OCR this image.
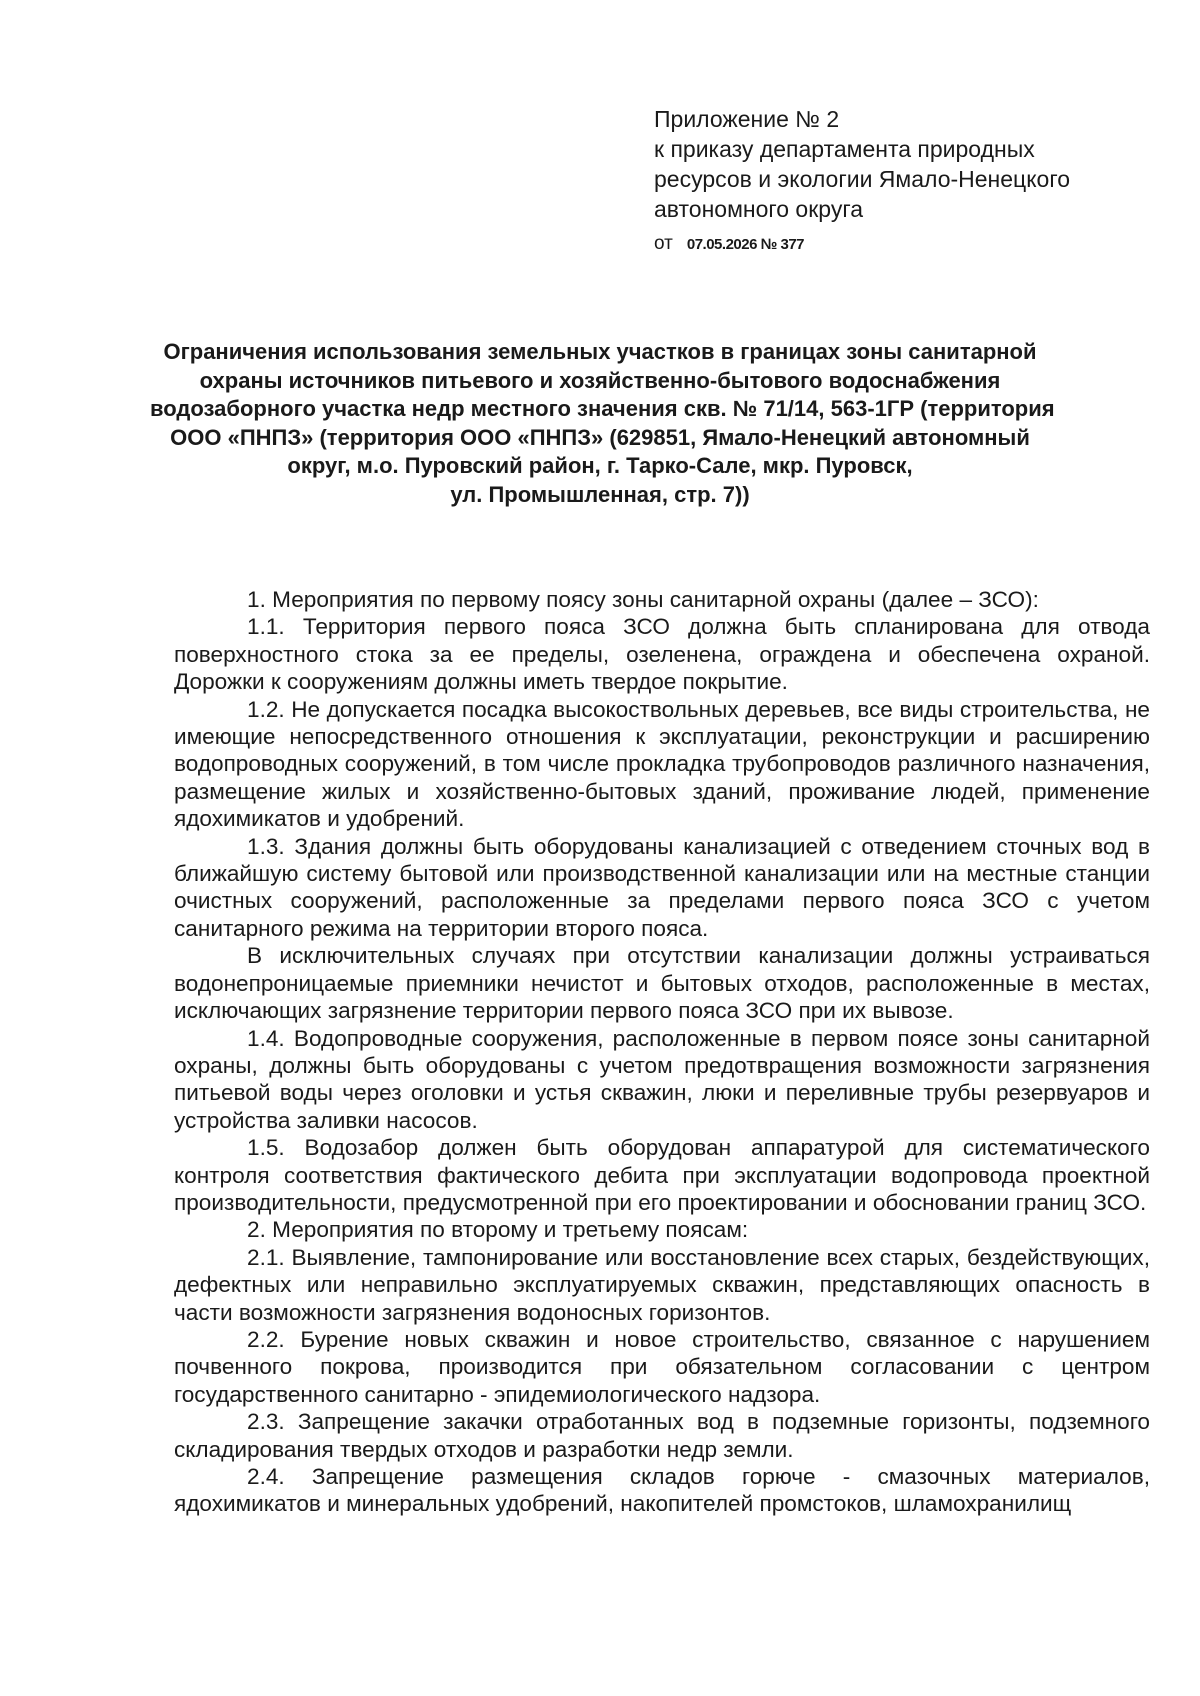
Приложение № 2
к приказу департамента природных
ресурсов и экологии Ямало-Ненецкого
автономного округа
от 07.05.2026 № 377
Ограничения использования земельных участков в границах зоны санитарной
охраны источников питьевого и хозяйственно-бытового водоснабжения
водозаборного участка недр местного значения скв. № 71/14, 563-1ГР (территория
ООО «ПНПЗ» (территория ООО «ПНПЗ» (629851, Ямало-Ненецкий автономный
округ, м.о. Пуровский район, г. Тарко-Сале, мкр. Пуровск,
ул. Промышленная, стр. 7))

1. Мероприятия по первому поясу зоны санитарной охраны (далее – ЗСО):

1.1. Территория первого пояса ЗСО должна быть спланирована для отвода поверхностного стока за ее пределы, озеленена, ограждена и обеспечена охраной. Дорожки к сооружениям должны иметь твердое покрытие.

1.2. Не допускается посадка высокоствольных деревьев, все виды строительства, не имеющие непосредственного отношения к эксплуатации, реконструкции и расширению водопроводных сооружений, в том числе прокладка трубопроводов различного назначения, размещение жилых и хозяйственно-бытовых зданий, проживание людей, применение ядохимикатов и удобрений.

1.3. Здания должны быть оборудованы канализацией с отведением сточных вод в ближайшую систему бытовой или производственной канализации или на местные станции очистных сооружений, расположенные за пределами первого пояса ЗСО с учетом санитарного режима на территории второго пояса.

В исключительных случаях при отсутствии канализации должны устраиваться водонепроницаемые приемники нечистот и бытовых отходов, расположенные в местах, исключающих загрязнение территории первого пояса ЗСО при их вывозе.

1.4. Водопроводные сооружения, расположенные в первом поясе зоны санитарной охраны, должны быть оборудованы с учетом предотвращения возможности загрязнения питьевой воды через оголовки и устья скважин, люки и переливные трубы резервуаров и устройства заливки насосов.

1.5. Водозабор должен быть оборудован аппаратурой для систематического контроля соответствия фактического дебита при эксплуатации водопровода проектной производительности, предусмотренной при его проектировании и обосновании границ ЗСО.

2. Мероприятия по второму и третьему поясам:

2.1. Выявление, тампонирование или восстановление всех старых, бездействующих, дефектных или неправильно эксплуатируемых скважин, представляющих опасность в части возможности загрязнения водоносных горизонтов.

2.2. Бурение новых скважин и новое строительство, связанное с нарушением почвенного покрова, производится при обязательном согласовании с центром государственного санитарно - эпидемиологического надзора.

2.3. Запрещение закачки отработанных вод в подземные горизонты, подземного складирования твердых отходов и разработки недр земли.

2.4. Запрещение размещения складов горюче - смазочных материалов, ядохимикатов и минеральных удобрений, накопителей промстоков, шламохранилищ
